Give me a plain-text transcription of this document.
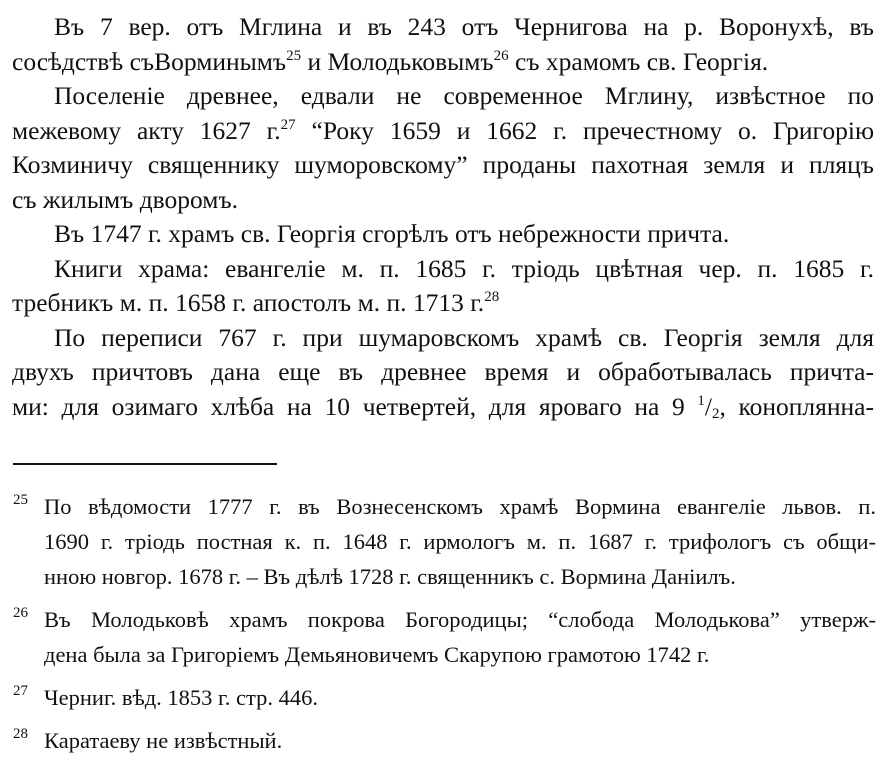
Въ 7 вер. отъ Мглина и въ 243 отъ Чернигова на р. Воронухѣ, въ

сосѣдствѣ съВорминымъ$^{25}$ и Молодьковымъ$^{26}$ съ храмомъ св. Георгія.

Поселеніе древнее, едвали не современное Мглину, извѣстное по

межевому акту 1627 г.$^{27}$ “Року 1659 и 1662 г. пречестному о. Григорію

Козминичу священнику шуморовскому” проданы пахотная земля и пляцъ

съ жилымъ дворомъ.

Въ 1747 г. храмъ св. Георгія сгорѣлъ отъ небрежности причта.

Книги храма: евангеліе м. п. 1685 г. тріодь цвѣтная чер. п. 1685 г.

требникъ м. п. 1658 г. апостолъ м. п. 1713 г.$^{28}$

По переписи 767 г. при шумаровскомъ храмѣ св. Георгія земля для

двухъ причтовъ дана еще въ древнее время и обработывалась причта-

ми: для озимаго хлѣба на 10 четвертей, для яроваго на 9 $^1/_2$, коноплянна-

25 По вѣдомости 1777 г. въ Вознесенскомъ храмѣ Вормина евангеліе львов. п.

1690 г. тріодь постная к. п. 1648 г. ирмологъ м. п. 1687 г. трифологъ съ общи-

нною новгор. 1678 г. – Въ дѣлѣ 1728 г. священникъ с. Вормина Даніилъ.

26 Въ Молодьковѣ храмъ покрова Богородицы; “слобода Молодькова” утверж-

дена была за Григоріемъ Демьяновичемъ Скарупою грамотою 1742 г.

27 Черниг. вѣд. 1853 г. стр. 446.

28 Каратаеву не извѣстный.
